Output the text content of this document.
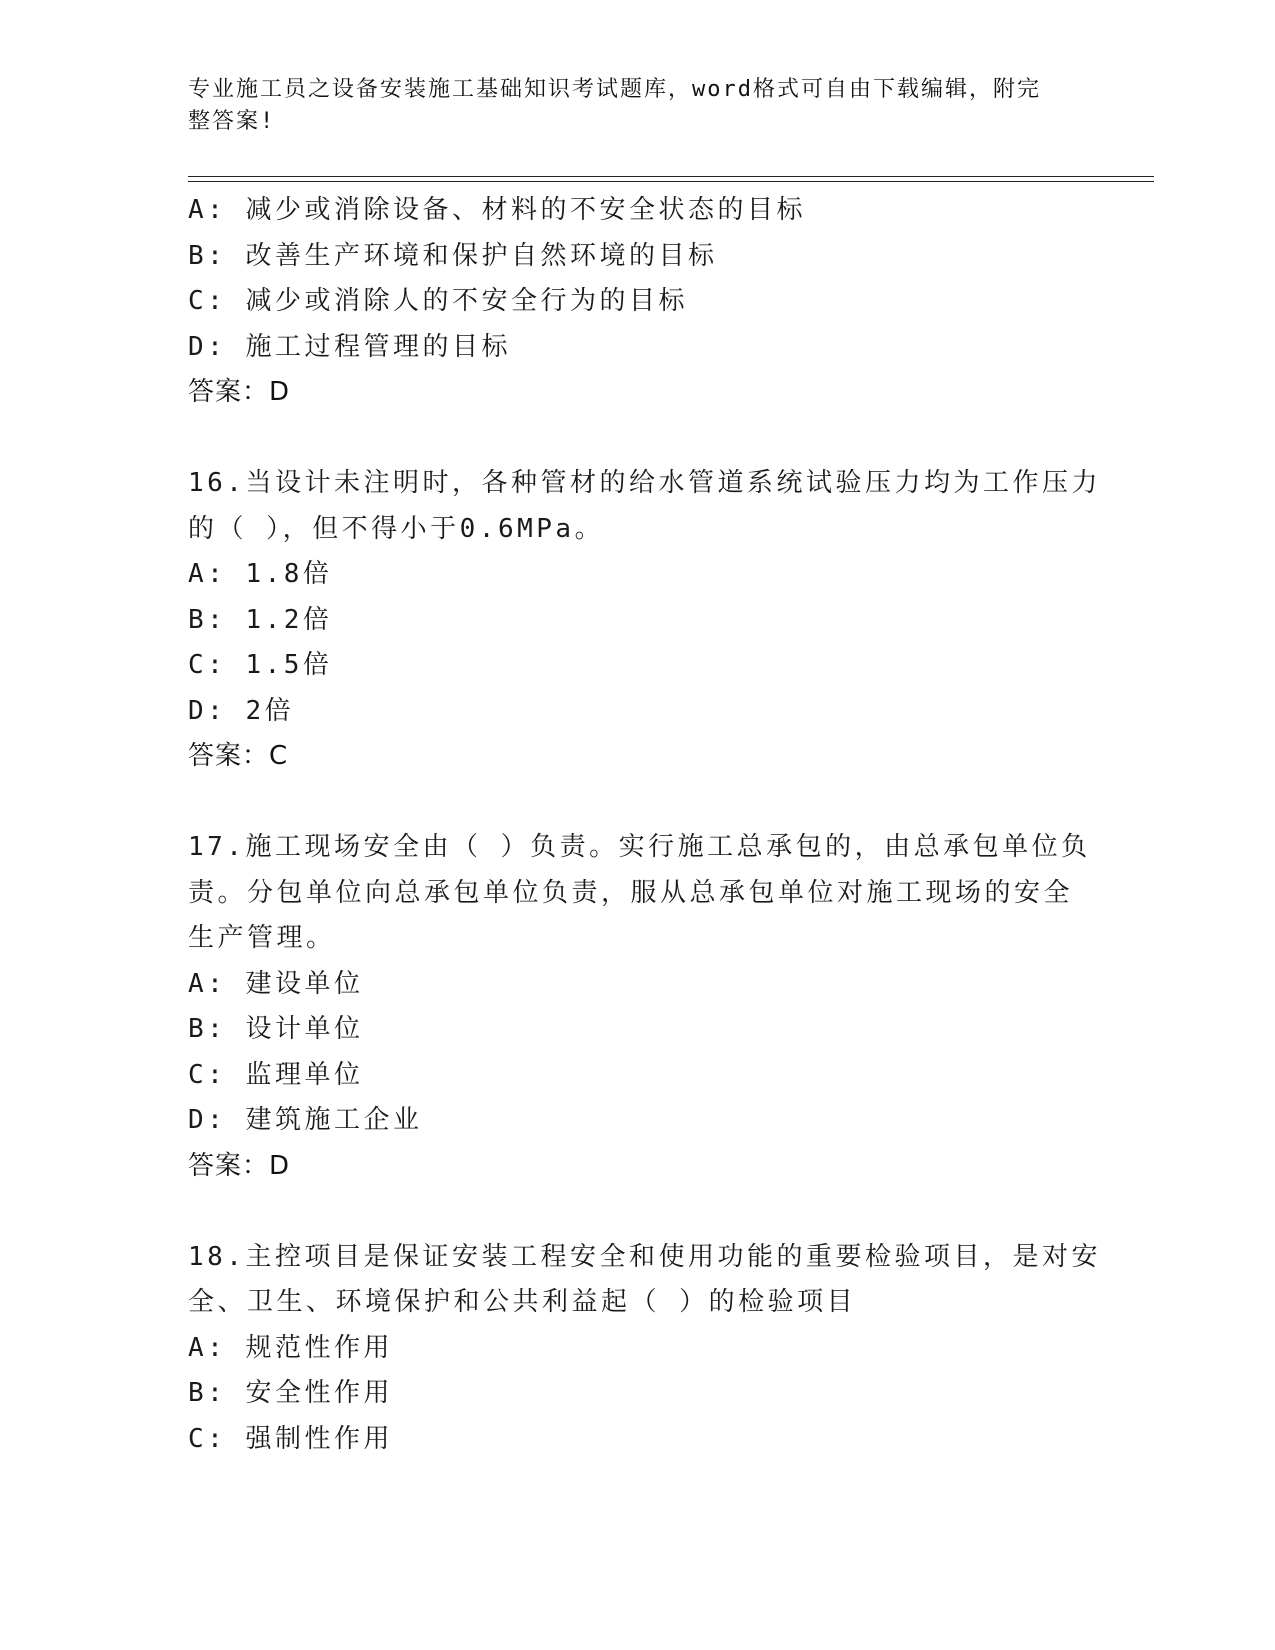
专业施工员之设备安装施工基础知识考试题库，word格式可自由下载编辑，附完
整答案!
A: 减少或消除设备、材料的不安全状态的目标
B: 改善生产环境和保护自然环境的目标
C: 减少或消除人的不安全行为的目标
D: 施工过程管理的目标
答案：D
16.当设计未注明时，各种管材的给水管道系统试验压力均为工作压力
的（ ），但不得小于0.6MPa。
A: 1.8倍
B: 1.2倍
C: 1.5倍
D: 2倍
答案：C
17.施工现场安全由（ ）负责。实行施工总承包的，由总承包单位负
责。分包单位向总承包单位负责，服从总承包单位对施工现场的安全
生产管理。
A: 建设单位
B: 设计单位
C: 监理单位
D: 建筑施工企业
答案：D
18.主控项目是保证安装工程安全和使用功能的重要检验项目，是对安
全、卫生、环境保护和公共利益起（ ）的检验项目
A: 规范性作用
B: 安全性作用
C: 强制性作用
